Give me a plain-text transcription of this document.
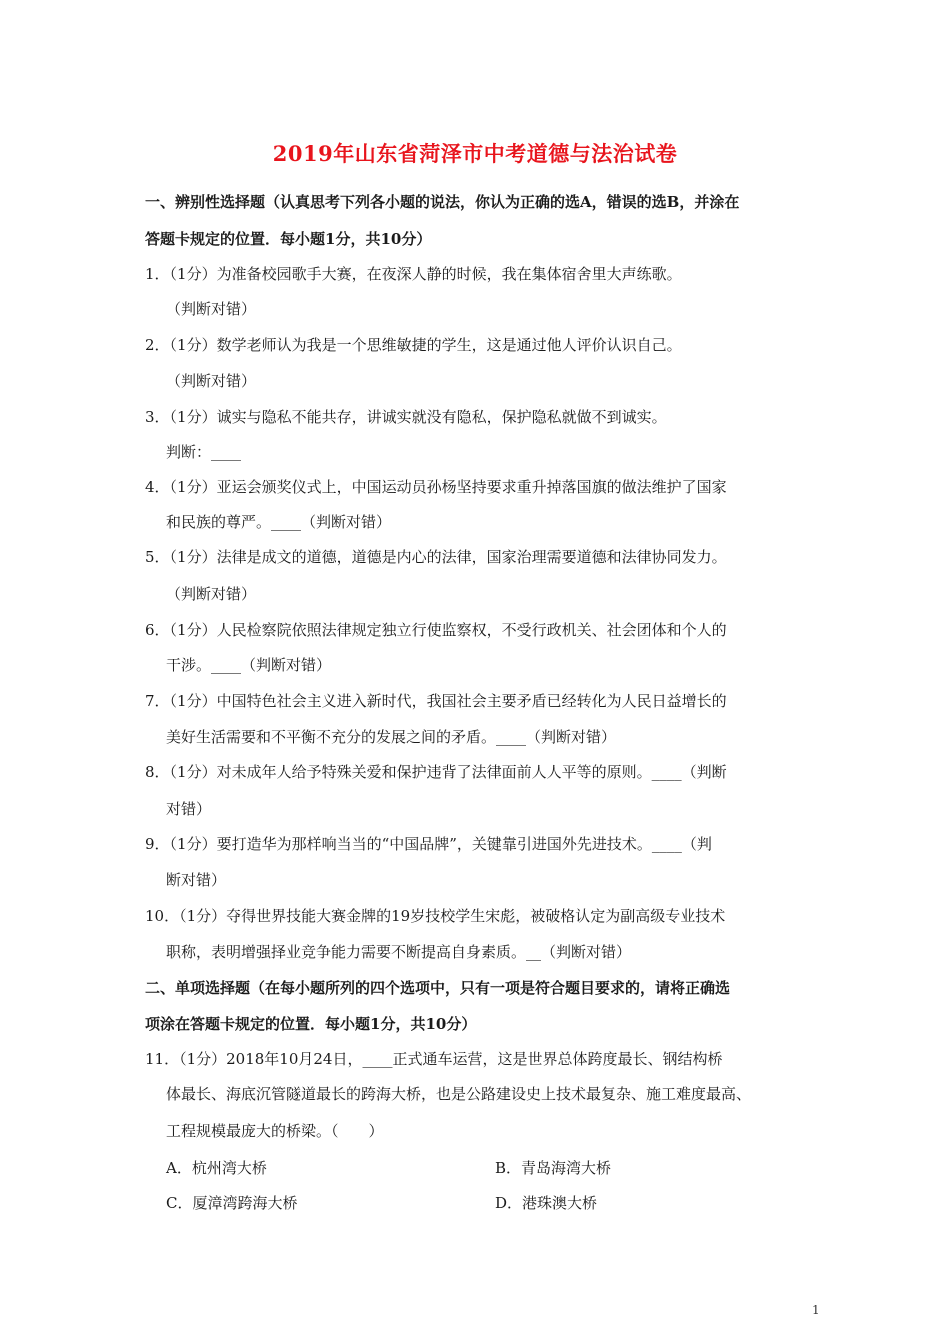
2019年山东省菏泽市中考道德与法治试卷
一、辨别性选择题（认真思考下列各小题的说法，你认为正确的选A，错误的选B，并涂在
答题卡规定的位置．每小题1分，共10分）
1．（1分）为准备校园歌手大赛，在夜深人静的时候，我在集体宿舍里大声练歌。
（判断对错）
2．（1分）数学老师认为我是一个思维敏捷的学生，这是通过他人评价认识自己。
（判断对错）
3．（1分）诚实与隐私不能共存，讲诚实就没有隐私，保护隐私就做不到诚实。
判断：____
4．（1分）亚运会颁奖仪式上，中国运动员孙杨坚持要求重升掉落国旗的做法维护了国家
和民族的尊严。____（判断对错）
5．（1分）法律是成文的道德，道德是内心的法律，国家治理需要道德和法律协同发力。
（判断对错）
6．（1分）人民检察院依照法律规定独立行使监察权，不受行政机关、社会团体和个人的
干涉。____（判断对错）
7．（1分）中国特色社会主义进入新时代，我国社会主要矛盾已经转化为人民日益增长的
美好生活需要和不平衡不充分的发展之间的矛盾。____（判断对错）
8．（1分）对未成年人给予特殊关爱和保护违背了法律面前人人平等的原则。____（判断
对错）
9．（1分）要打造华为那样响当当的“中国品牌”，关键靠引进国外先进技术。____（判
断对错）
10．（1分）夺得世界技能大赛金牌的19岁技校学生宋彪，被破格认定为副高级专业技术
职称，表明增强择业竞争能力需要不断提高自身素质。__（判断对错）
二、单项选择题（在每小题所列的四个选项中，只有一项是符合题目要求的，请将正确选
项涂在答题卡规定的位置．每小题1分，共10分）
11．（1分）2018年10月24日，____正式通车运营，这是世界总体跨度最长、钢结构桥
体最长、海底沉管隧道最长的跨海大桥，也是公路建设史上技术最复杂、施工难度最高、
工程规模最庞大的桥梁。（　　）
A．杭州湾大桥	B．青岛海湾大桥
C．厦漳湾跨海大桥	D．港珠澳大桥
1
